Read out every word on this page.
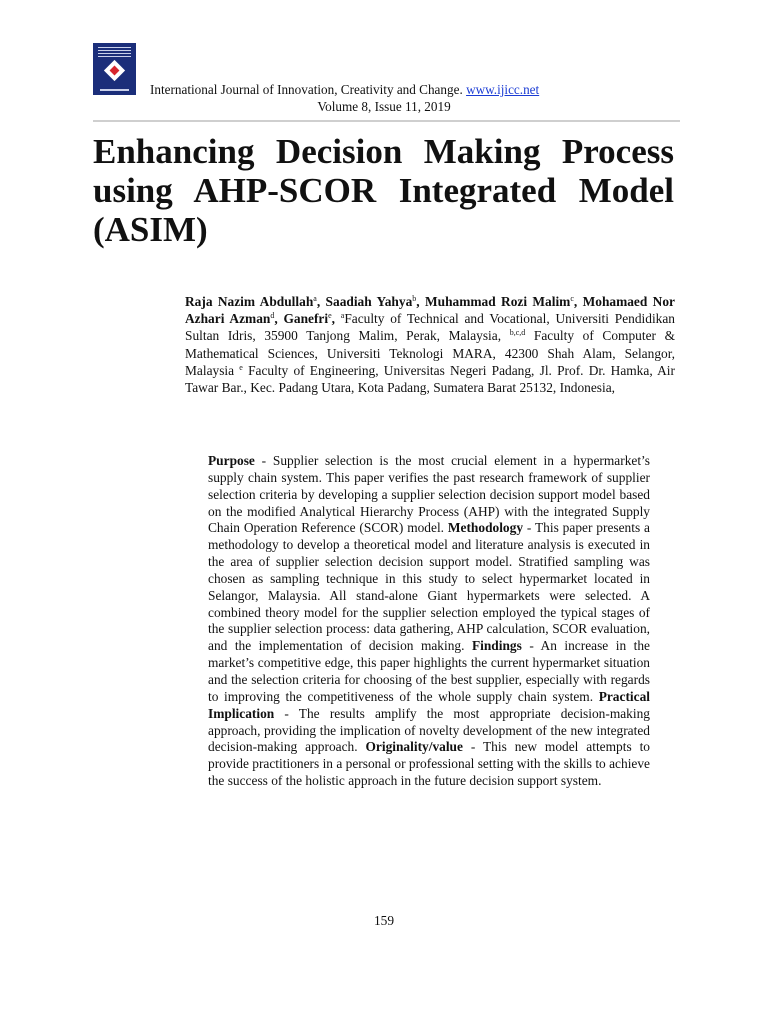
International Journal of Innovation, Creativity and Change. www.ijicc.net
Volume 8, Issue 11, 2019
Enhancing Decision Making Process
using AHP-SCOR Integrated Model
(ASIM)
Raja Nazim Abdullah$^a$, Saadiah Yahya$^b$, Muhammad Rozi Malim$^c$, Mohamaed Nor Azhari Azman$^d$, Ganefri$^e$, $^a$Faculty of Technical and Vocational, Universiti Pendidikan Sultan Idris, 35900 Tanjong Malim, Perak, Malaysia, $^{b,c,d}$ Faculty of Computer & Mathematical Sciences, Universiti Teknologi MARA, 42300 Shah Alam, Selangor, Malaysia $^e$ Faculty of Engineering, Universitas Negeri Padang, Jl. Prof. Dr. Hamka, Air Tawar Bar., Kec. Padang Utara, Kota Padang, Sumatera Barat 25132, Indonesia,
Purpose - Supplier selection is the most crucial element in a hypermarket’s supply chain system. This paper verifies the past research framework of supplier selection criteria by developing a supplier selection decision support model based on the modified Analytical Hierarchy Process (AHP) with the integrated Supply Chain Operation Reference (SCOR) model. Methodology - This paper presents a methodology to develop a theoretical model and literature analysis is executed in the area of supplier selection decision support model. Stratified sampling was chosen as sampling technique in this study to select hypermarket located in Selangor, Malaysia. All stand-alone Giant hypermarkets were selected. A combined theory model for the supplier selection employed the typical stages of the supplier selection process: data gathering, AHP calculation, SCOR evaluation, and the implementation of decision making. Findings - An increase in the market’s competitive edge, this paper highlights the current hypermarket situation and the selection criteria for choosing of the best supplier, especially with regards to improving the competitiveness of the whole supply chain system. Practical Implication - The results amplify the most appropriate decision-making approach, providing the implication of novelty development of the new integrated decision-making approach. Originality/value - This new model attempts to provide practitioners in a personal or professional setting with the skills to achieve the success of the holistic approach in the future decision support system.
159
